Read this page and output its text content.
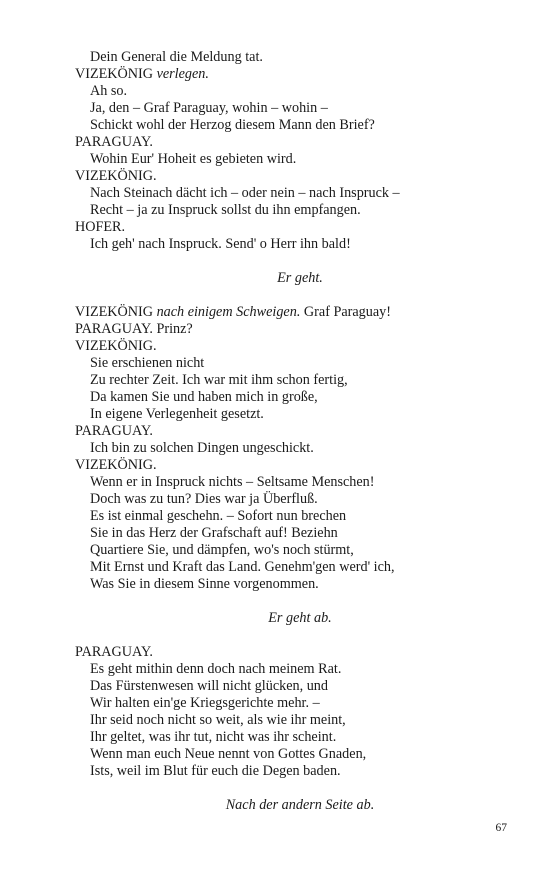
Dein General die Meldung tat.
VIZEKÖNIG verlegen.
Ah so.
Ja, den – Graf Paraguay, wohin – wohin –
Schickt wohl der Herzog diesem Mann den Brief?
PARAGUAY.
Wohin Eur' Hoheit es gebieten wird.
VIZEKÖNIG.
Nach Steinach dächt ich – oder nein – nach Inspruck –
Recht – ja zu Inspruck sollst du ihn empfangen.
HOFER.
Ich geh' nach Inspruck. Send' o Herr ihn bald!
Er geht.
VIZEKÖNIG nach einigem Schweigen. Graf Paraguay!
PARAGUAY. Prinz?
VIZEKÖNIG.
Sie erschienen nicht
Zu rechter Zeit. Ich war mit ihm schon fertig,
Da kamen Sie und haben mich in große,
In eigene Verlegenheit gesetzt.
PARAGUAY.
Ich bin zu solchen Dingen ungeschickt.
VIZEKÖNIG.
Wenn er in Inspruck nichts – Seltsame Menschen!
Doch was zu tun? Dies war ja Überfluß.
Es ist einmal geschehn. – Sofort nun brechen
Sie in das Herz der Grafschaft auf! Beziehn
Quartiere Sie, und dämpfen, wo's noch stürmt,
Mit Ernst und Kraft das Land. Genehm'gen werd' ich,
Was Sie in diesem Sinne vorgenommen.
Er geht ab.
PARAGUAY.
Es geht mithin denn doch nach meinem Rat.
Das Fürstenwesen will nicht glücken, und
Wir halten ein'ge Kriegsgerichte mehr. –
Ihr seid noch nicht so weit, als wie ihr meint,
Ihr geltet, was ihr tut, nicht was ihr scheint.
Wenn man euch Neue nennt von Gottes Gnaden,
Ists, weil im Blut für euch die Degen baden.
Nach der andern Seite ab.
67
